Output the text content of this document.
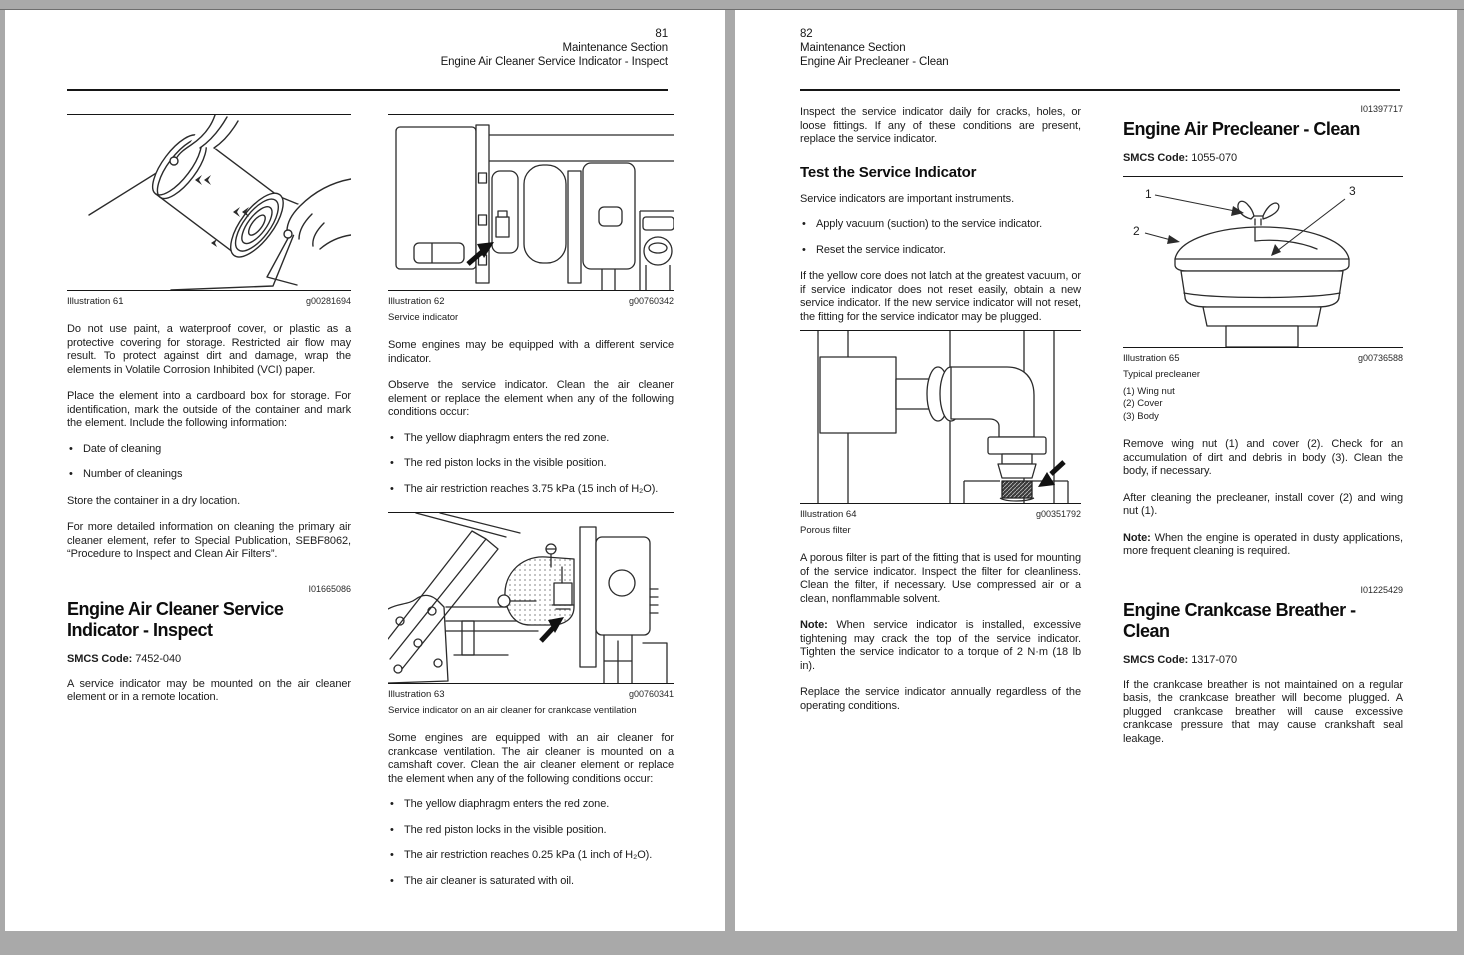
81
Maintenance Section
Engine Air Cleaner Service Indicator - Inspect
Illustration 61	g00281694

Do not use paint, a waterproof cover, or plastic as a protective covering for storage. Restricted air flow may result. To protect against dirt and damage, wrap the elements in Volatile Corrosion Inhibited (VCI) paper.

Place the element into a cardboard box for storage. For identification, mark the outside of the container and mark the element. Include the following information:

•
Date of cleaning
•
Number of cleanings

Store the container in a dry location.

For more detailed information on cleaning the primary air cleaner element, refer to Special Publication, SEBF8062, “Procedure to Inspect and Clean Air Filters”.

I01665086
Engine Air Cleaner Service Indicator - Inspect
SMCS Code: 7452-040

A service indicator may be mounted on the air cleaner element or in a remote location.

Illustration 62	g00760342
Service indicator

Some engines may be equipped with a different service indicator.

Observe the service indicator. Clean the air cleaner element or replace the element when any of the following conditions occur:

•
The yellow diaphragm enters the red zone.
•
The red piston locks in the visible position.
•
The air restriction reaches 3.75 kPa (15 inch of H₂O).
Illustration 63	g00760341
Service indicator on an air cleaner for crankcase ventilation

Some engines are equipped with an air cleaner for crankcase ventilation. The air cleaner is mounted on a camshaft cover. Clean the air cleaner element or replace the element when any of the following conditions occur:

•
The yellow diaphragm enters the red zone.
•
The red piston locks in the visible position.
•
The air restriction reaches 0.25 kPa (1 inch of H₂O).
•
The air cleaner is saturated with oil.
82
Maintenance Section
Engine Air Precleaner - Clean

Inspect the service indicator daily for cracks, holes, or loose fittings. If any of these conditions are present, replace the service indicator.

Test the Service Indicator

Service indicators are important instruments.

•
Apply vacuum (suction) to the service indicator.
•
Reset the service indicator.

If the yellow core does not latch at the greatest vacuum, or if service indicator does not reset easily, obtain a new service indicator. If the new service indicator will not reset, the fitting for the service indicator may be plugged.

Illustration 64	g00351792
Porous filter

A porous filter is part of the fitting that is used for mounting of the service indicator. Inspect the filter for cleanliness. Clean the filter, if necessary. Use compressed air or a clean, nonflammable solvent.

Note: When service indicator is installed, excessive tightening may crack the top of the service indicator. Tighten the service indicator to a torque of 2 N·m (18 lb in).

Replace the service indicator annually regardless of the operating conditions.

I01397717
Engine Air Precleaner - Clean
SMCS Code: 1055-070
1
2
3
Illustration 65	g00736588
Typical precleaner
(1) Wing nut
(2) Cover
(3) Body

Remove wing nut (1) and cover (2). Check for an accumulation of dirt and debris in body (3). Clean the body, if necessary.

After cleaning the precleaner, install cover (2) and wing nut (1).

Note: When the engine is operated in dusty applications, more frequent cleaning is required.

I01225429
Engine Crankcase Breather - Clean
SMCS Code: 1317-070

If the crankcase breather is not maintained on a regular basis, the crankcase breather will become plugged. A plugged crankcase breather will cause excessive crankcase pressure that may cause crankshaft seal leakage.
